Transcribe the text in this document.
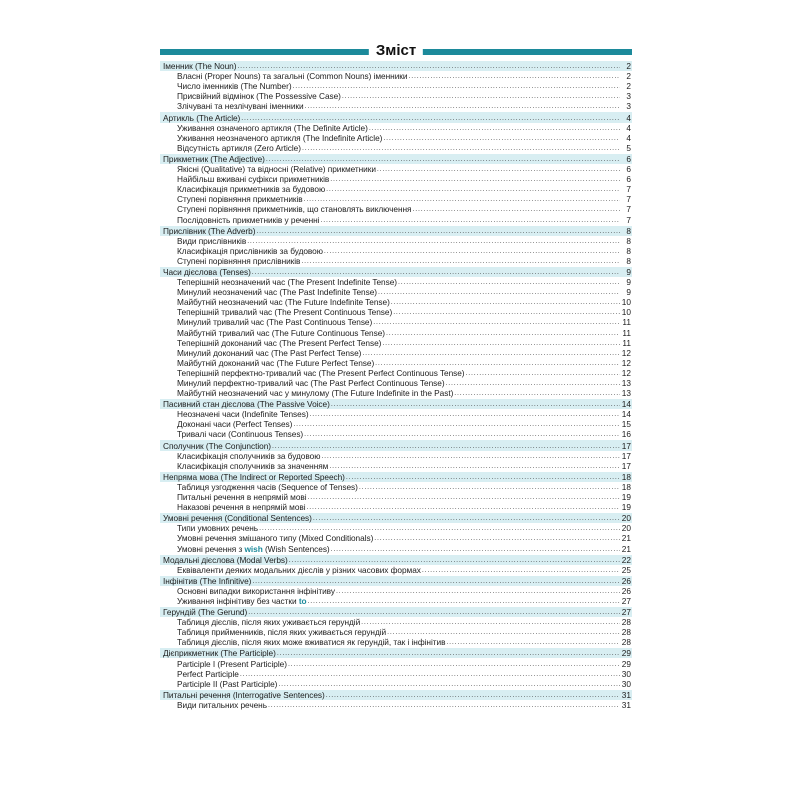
Зміст
Іменник (The Noun) .....	2
Власні (Proper Nouns) та загальні (Common Nouns) іменники .....	2
Число іменників (The Number) .....	2
Присвійний відмінок (The Possessive Case) .....	3
Злічувані та незлічувані іменники .....	3
Артикль (The Article) .....	4
Уживання означеного артикля (The Definite Article) .....	4
Уживання неозначеного артикля (The Indefinite Article) .....	4
Відсутність артикля (Zero Article) .....	5
Прикметник (The Adjective) .....	6
Якісні (Qualitative) та відносні (Relative) прикметники .....	6
Найбільш вживані суфікси прикметників .....	6
Класифікація прикметників за будовою .....	7
Ступені порівняння прикметників .....	7
Ступені порівняння прикметників, що становлять виключення .....	7
Послідовність прикметників у реченні .....	7
Прислівник (The Adverb) .....	8
Види прислівників .....	8
Класифікація прислівників за будовою .....	8
Ступені порівняння прислівників .....	8
Часи дієслова (Tenses) .....	9
Теперішній неозначений час (The Present Indefinite Tense) .....	9
Минулий неозначений час (The Past Indefinite Tense) .....	9
Майбутній неозначений час (The Future Indefinite Tense) .....	10
Теперішній тривалий час (The Present Continuous Tense) .....	10
Минулий тривалий час (The Past Continuous Tense) .....	11
Майбутній тривалий час (The Future Continuous Tense) .....	11
Теперішній доконаний час (The Present Perfect Tense) .....	11
Минулий доконаний час (The Past Perfect Tense) .....	12
Майбутній доконаний час (The Future Perfect Tense) .....	12
Теперішній перфектно-тривалий час (The Present Perfect Continuous Tense) .....	12
Минулий перфектно-тривалий час (The Past Perfect Continuous Tense) .....	13
Майбутній неозначений час у минулому (The Future Indefinite in the Past) .....	13
Пасивний стан дієслова (The Passive Voice) .....	14
Неозначені часи (Indefinite Tenses) .....	14
Доконані часи (Perfect Tenses) .....	15
Тривалі часи (Continuous Tenses) .....	16
Сполучник (The Conjunction) .....	17
Класифікація сполучників за будовою .....	17
Класифікація сполучників за значенням .....	17
Непряма мова (The Indirect or Reported Speech) .....	18
Таблиця узгодження часів (Sequence of Tenses) .....	18
Питальні речення в непрямій мові .....	19
Наказові речення в непрямій мові .....	19
Умовні речення (Conditional Sentences) .....	20
Типи умовних речень .....	20
Умовні речення змішаного типу (Mixed Conditionals) .....	21
Умовні речення з wish (Wish Sentences) .....	21
Модальні дієслова (Modal Verbs) .....	22
Еквіваленти деяких модальних дієслів у різних часових формах .....	25
Інфінітив (The Infinitive) .....	26
Основні випадки використання інфінітиву .....	26
Уживання інфінітиву без частки to .....	27
Герундій (The Gerund) .....	27
Таблиця дієслів, після яких уживається герундій .....	28
Таблиця прийменників, після яких уживається герундій .....	28
Таблиця дієслів, після яких може вживатися як герундій, так і інфінітив .....	28
Дієприкметник (The Participle) .....	29
Participle I (Present Participle) .....	29
Perfect Participle .....	30
Participle II (Past Participle) .....	30
Питальні речення (Interrogative Sentences) .....	31
Види питальних речень .....	31
